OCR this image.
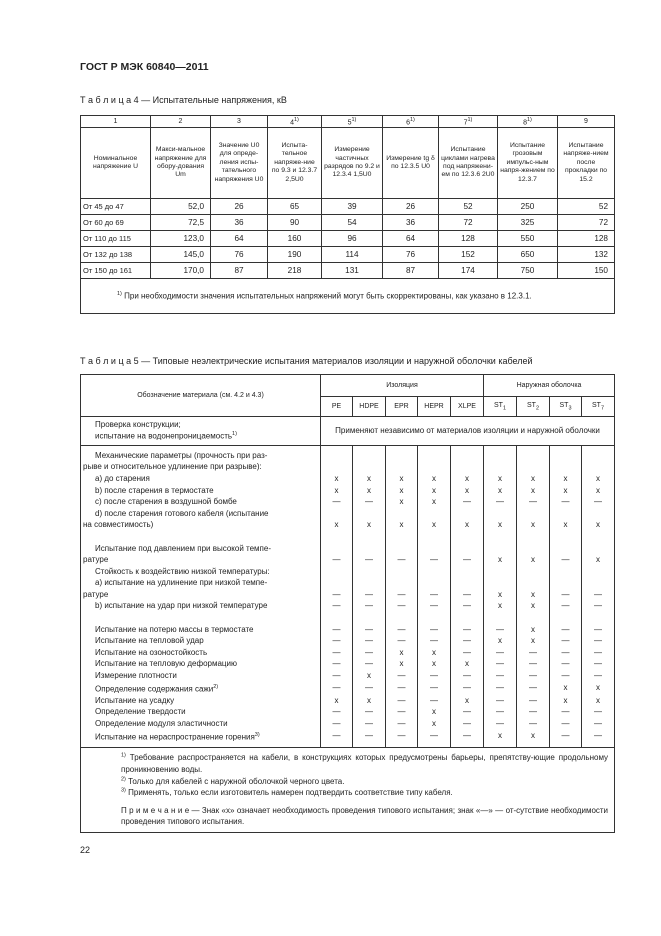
ГОСТ Р МЭК 60840—2011
Т а б л и ц а 4 — Испытательные напряжения, кВ
1	2	3	4$^{1)}$	5$^{1)}$	6$^{1)}$	7$^{1)}$	8$^{1)}$	9
Номинальное напряжение U	Макси-мальное напряжение для обору-дования Um	Значение U0 для опреде-ления испы-тательного напряжения U0	Испыта-тельное напряже-ние по 9.3 и 12.3.7 2,5U0	Измерение частичных разрядов по 9.2 и 12.3.4 1,5U0	Измерение tg δ по 12.3.5 U0	Испытание циклами нагрева под напряжени-ем по 12.3.6 2U0	Испытание грозовым импульс-ным напря-жением по 12.3.7	Испытание напряже-нием после прокладки по 15.2
От 45 до 47	52,0	26	65	39	26	52	250	52
От 60 до 69	72,5	36	90	54	36	72	325	72
От 110 до 115	123,0	64	160	96	64	128	550	128
От 132 до 138	145,0	76	190	114	76	152	650	132
От 150 до 161	170,0	87	218	131	87	174	750	150
$^{1)}$ При необходимости значения испытательных напряжений могут быть скорректированы, как указано в 12.3.1.								
Т а б л и ц а 5 — Типовые неэлектрические испытания материалов изоляции и наружной оболочки кабелей
Обозначение материала (см. 4.2 и 4.3)	Изоляция					Наружная оболочка			
	PE	HDPE	EPR	HEPR	XLPE	$ST_1$	$ST_2$	$ST_3$	$ST_7$
Проверка конструкции;
испытание на водонепроницаемость$^{1)}$	Применяют независимо от материалов изоляции и наружной оболочки								

Механические параметры (прочность при раз-									
рыве и относительное удлинение при разрыве):									
a) до старения	x	x	x	x	x	x	x	x	x
b) после старения в термостате	x	x	x	x	x	x	x	x	x
c) после старения в воздушной бомбе	—	—	x	x	—	—	—	—	—
d) после старения готового кабеля (испытание									
на совместимость)	x	x	x	x	x	x	x	x	x

Испытание под давлением при высокой темпе-									
ратуре	—	—	—	—	—	x	x	—	x
Стойкость к воздействию низкой температуры:									
a) испытание на удлинение при низкой темпе-									
ратуре	—	—	—	—	—	x	x	—	—
b) испытание на удар при низкой температуре	—	—	—	—	—	x	x	—	—

Испытание на потерю массы в термостате	—	—	—	—	—	—	x	—	—
Испытание на тепловой удар	—	—	—	—	—	x	x	—	—
Испытание на озоностойкость	—	—	x	x	—	—	—	—	—
Испытание на тепловую деформацию	—	—	x	x	x	—	—	—	—
Измерение плотности	—	x	—	—	—	—	—	—	—
Определение содержания сажи$^{2)}$	—	—	—	—	—	—	—	x	x
Испытание на усадку	x	x	—	—	x	—	—	x	x
Определение твердости	—	—	—	x	—	—	—	—	—
Определение модуля эластичности	—	—	—	x	—	—	—	—	—
Испытание на нераспространение горения$^{3)}$	—	—	—	—	—	x	x	—	—

$^{1)}$ Требование распространяется на кабели, в конструкциях которых предусмотрены барьеры, препятству-ющие продольному проникновению воды.

$^{2)}$ Только для кабелей с наружной оболочкой черного цвета.

$^{3)}$ Применять, только если изготовитель намерен подтвердить соответствие типу кабеля.

П р и м е ч а н и е — Знак «x» означает необходимость проведения типового испытания; знак «—» — от-сутствие необходимости проведения типового испытания.									

22
